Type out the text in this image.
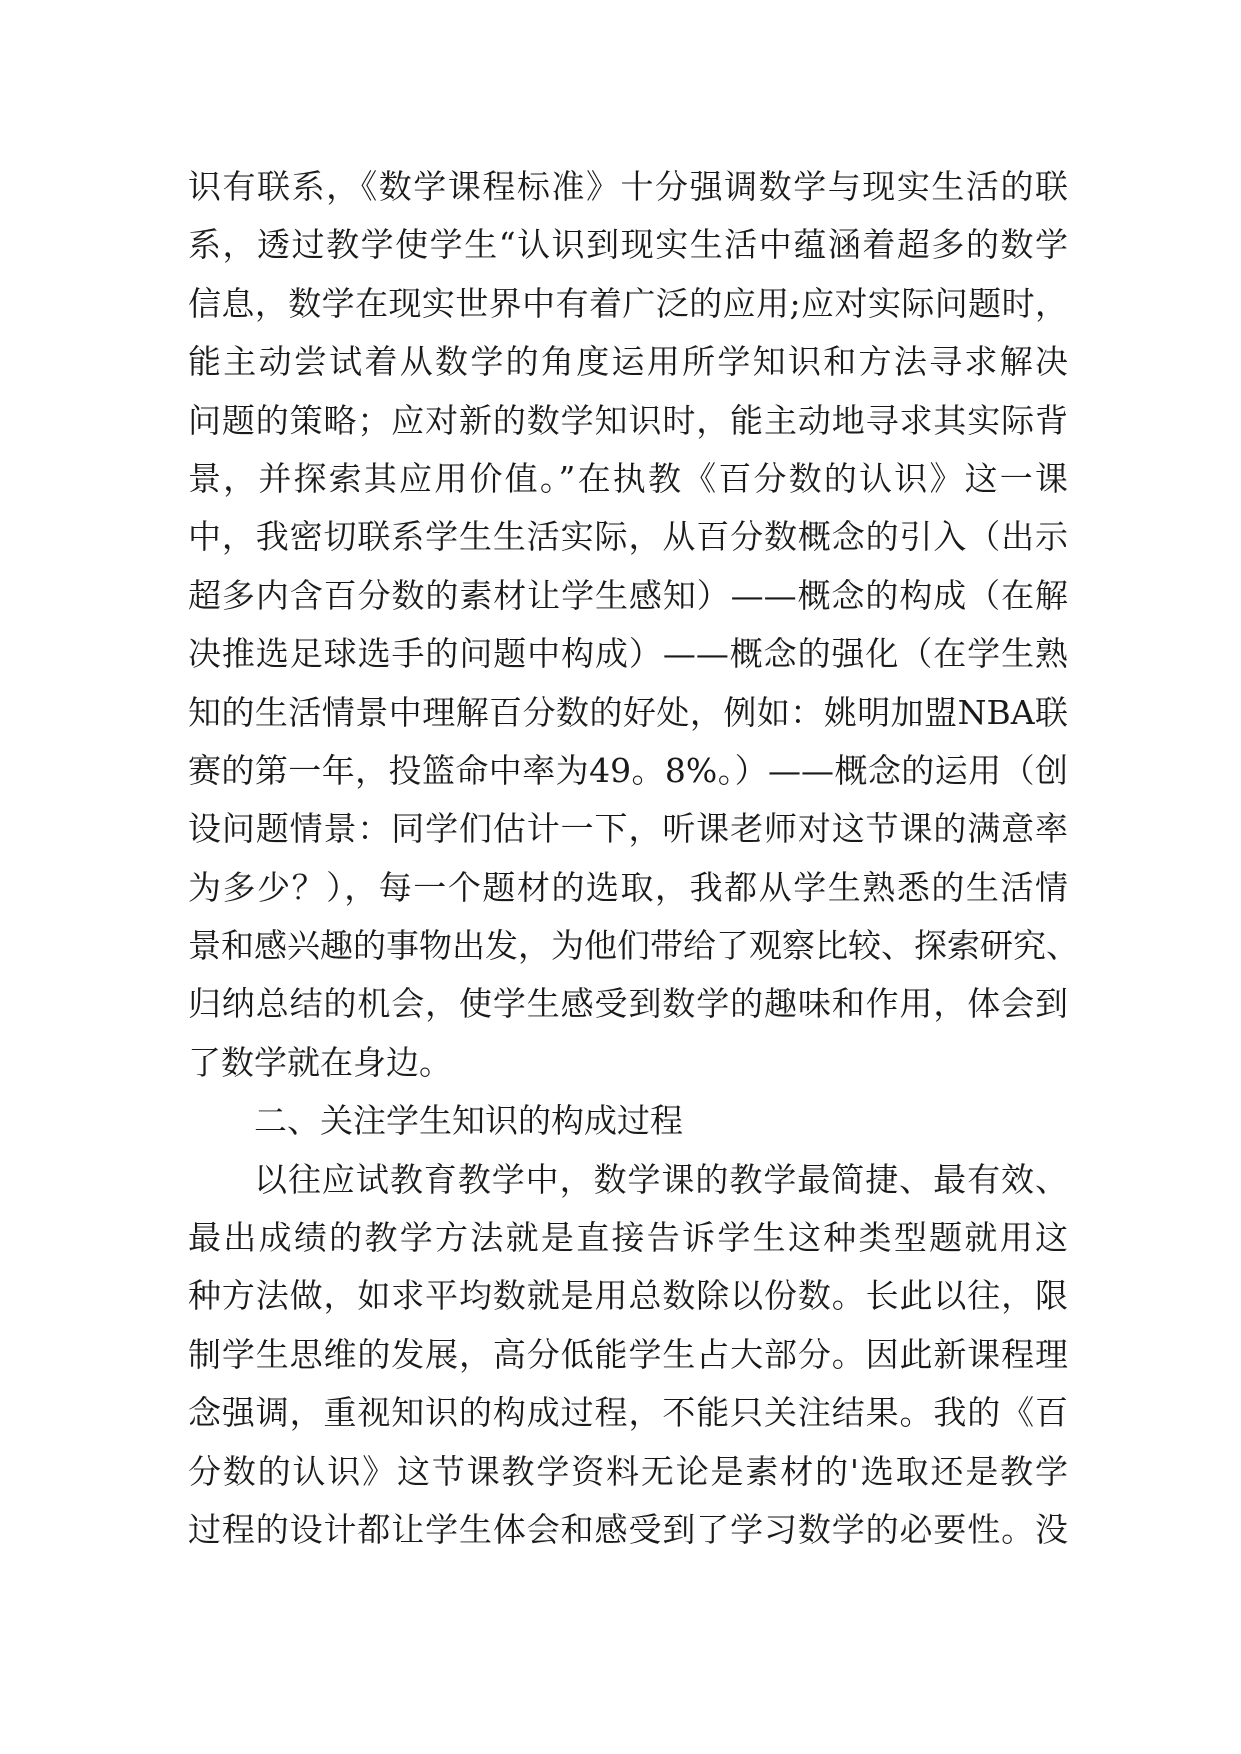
识有联系，《数学课程标准》十分强调数学与现实生活的联
系，透过教学使学生“认识到现实生活中蕴涵着超多的数学
信息，数学在现实世界中有着广泛的应用;应对实际问题时，
能主动尝试着从数学的角度运用所学知识和方法寻求解决
问题的策略；应对新的数学知识时，能主动地寻求其实际背
景，并探索其应用价值。”在执教《百分数的认识》这一课
中，我密切联系学生生活实际，从百分数概念的引入（出示
超多内含百分数的素材让学生感知）——概念的构成（在解
决推选足球选手的问题中构成）——概念的强化（在学生熟
知的生活情景中理解百分数的好处，例如：姚明加盟NBA联
赛的第一年，投篮命中率为49。8%。）——概念的运用（创
设问题情景：同学们估计一下，听课老师对这节课的满意率
为多少？），每一个题材的选取，我都从学生熟悉的生活情
景和感兴趣的事物出发，为他们带给了观察比较、探索研究、
归纳总结的机会，使学生感受到数学的趣味和作用，体会到
了数学就在身边。
二、关注学生知识的构成过程
以往应试教育教学中，数学课的教学最简捷、最有效、
最出成绩的教学方法就是直接告诉学生这种类型题就用这
种方法做，如求平均数就是用总数除以份数。长此以往，限
制学生思维的发展，高分低能学生占大部分。因此新课程理
念强调，重视知识的构成过程，不能只关注结果。我的《百
分数的认识》这节课教学资料无论是素材的'选取还是教学
过程的设计都让学生体会和感受到了学习数学的必要性。没
